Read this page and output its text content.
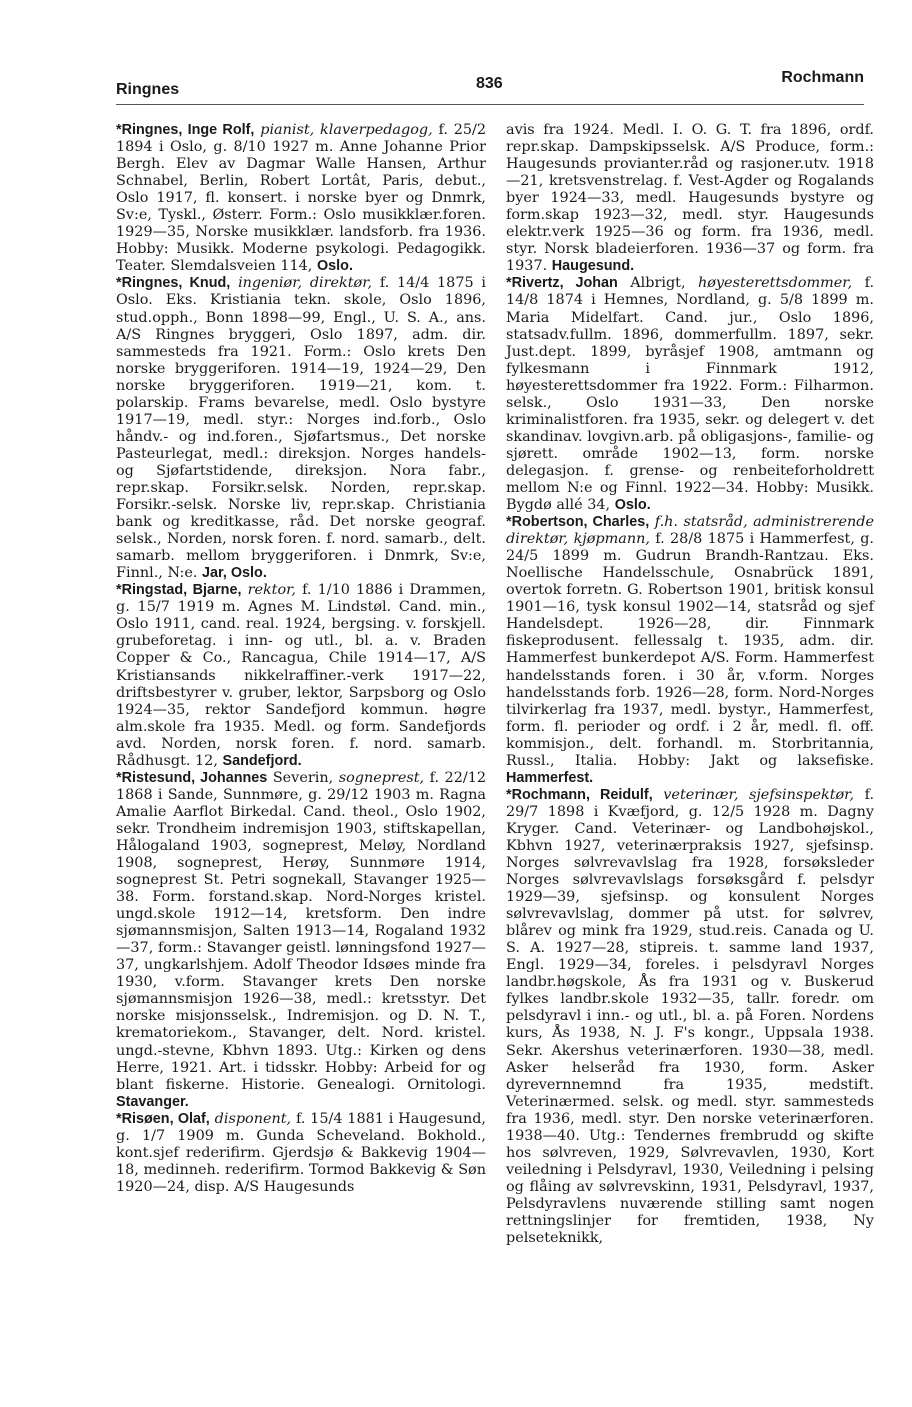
Ringnes	836	Rochmann

*Ringnes, Inge Rolf, pianist, klaverpedagog, f. 25/2 1894 i Oslo, g. 8/10 1927 m. Anne Johanne Prior Bergh. Elev av Dagmar Walle Hansen, Arthur Schnabel, Berlin, Robert Lortât, Paris, debut., Oslo 1917, fl. konsert. i norske byer og Dnmrk, Sv:e, Tyskl., Østerr. Form.: Oslo musikklær.foren. 1929—35, Norske musikklær. landsforb. fra 1936. Hobby: Musikk. Moderne psykologi. Pedagogikk. Teater. Slemdalsveien 114, Oslo.

*Ringnes, Knud, ingeniør, direktør, f. 14/4 1875 i Oslo. Eks. Kristiania tekn. skole, Oslo 1896, stud.opph., Bonn 1898—99, Engl., U. S. A., ans. A/S Ringnes bryggeri, Oslo 1897, adm. dir. sammesteds fra 1921. Form.: Oslo krets Den norske bryggeriforen. 1914—19, 1924—29, Den norske bryggeriforen. 1919—21, kom. t. polarskip. Frams bevarelse, medl. Oslo bystyre 1917—19, medl. styr.: Norges ind.forb., Oslo håndv.- og ind.foren., Sjøfartsmus., Det norske Pasteurlegat, medl.: direksjon. Norges handels- og Sjøfartstidende, direksjon. Nora fabr., repr.skap. Forsikr.selsk. Norden, repr.skap. Forsikr.-selsk. Norske liv, repr.skap. Christiania bank og kreditkasse, råd. Det norske geograf. selsk., Norden, norsk foren. f. nord. samarb., delt. samarb. mellom bryggeriforen. i Dnmrk, Sv:e, Finnl., N:e. Jar, Oslo.

*Ringstad, Bjarne, rektor, f. 1/10 1886 i Drammen, g. 15/7 1919 m. Agnes M. Lindstøl. Cand. min., Oslo 1911, cand. real. 1924, bergsing. v. forskjell. grubeforetag. i inn- og utl., bl. a. v. Braden Copper & Co., Rancagua, Chile 1914—17, A/S Kristiansands nikkelraffiner.-verk 1917—22, driftsbestyrer v. gruber, lektor, Sarpsborg og Oslo 1924—35, rektor Sandefjord kommun. høgre alm.skole fra 1935. Medl. og form. Sandefjords avd. Norden, norsk foren. f. nord. samarb. Rådhusgt. 12, Sandefjord.

*Ristesund, Johannes Severin, sogneprest, f. 22/12 1868 i Sande, Sunnmøre, g. 29/12 1903 m. Ragna Amalie Aarflot Birkedal. Cand. theol., Oslo 1902, sekr. Trondheim indremisjon 1903, stiftskapellan, Hålogaland 1903, sogneprest, Meløy, Nordland 1908, sogneprest, Herøy, Sunnmøre 1914, sogneprest St. Petri sognekall, Stavanger 1925—38. Form. forstand.skap. Nord-Norges kristel. ungd.skole 1912—14, kretsform. Den indre sjømannsmisjon, Salten 1913—14, Rogaland 1932—37, form.: Stavanger geistl. lønningsfond 1927—37, ungkarlshjem. Adolf Theodor Idsøes minde fra 1930, v.form. Stavanger krets Den norske sjømannsmisjon 1926—38, medl.: kretsstyr. Det norske misjonsselsk., Indremisjon. og D. N. T., krematoriekom., Stavanger, delt. Nord. kristel. ungd.-stevne, Kbhvn 1893. Utg.: Kirken og dens Herre, 1921. Art. i tidsskr. Hobby: Arbeid for og blant fiskerne. Historie. Genealogi. Ornitologi. Stavanger.

*Risøen, Olaf, disponent, f. 15/4 1881 i Haugesund, g. 1/7 1909 m. Gunda Scheveland. Bokhold., kont.sjef rederifirm. Gjerdsjø & Bakkevig 1904—18, medinneh. rederifirm. Tormod Bakkevig & Søn 1920—24, disp. A/S Haugesunds

avis fra 1924. Medl. I. O. G. T. fra 1896, ordf. repr.skap. Dampskipsselsk. A/S Produce, form.: Haugesunds proviantеr.råd og rasjoner.utv. 1918—21, kretsvenstrelag. f. Vest-Agder og Rogalands byer 1924—33, medl. Haugesunds bystyre og form.skap 1923—32, medl. styr. Haugesunds elektr.verk 1925—36 og form. fra 1936, medl. styr. Norsk bladeierforen. 1936—37 og form. fra 1937. Haugesund.

*Rivertz, Johan Albrigt, høyesterettsdommer, f. 14/8 1874 i Hemnes, Nordland, g. 5/8 1899 m. Maria Midelfart. Cand. jur., Oslo 1896, statsadv.fullm. 1896, dommerfullm. 1897, sekr. Just.dept. 1899, byråsjef 1908, amtmann og fylkesmann i Finnmark 1912, høyesterettsdommer fra 1922. Form.: Filharmon. selsk., Oslo 1931—33, Den norske kriminalistforen. fra 1935, sekr. og delegert v. det skandinav. lovgivn.arb. på obligasjons-, familie- og sjørett. område 1902—13, form. norske delegasjon. f. grense- og renbeiteforholdrett mellom N:e og Finnl. 1922—34. Hobby: Musikk. Bygdø allé 34, Oslo.

*Robertson, Charles, f.h. statsråd, administrerende direktør, kjøpmann, f. 28/8 1875 i Hammerfest, g. 24/5 1899 m. Gudrun Brandh-Rantzau. Eks. Noellische Handelsschule, Osnabrück 1891, overtok forretn. G. Robertson 1901, britisk konsul 1901—16, tysk konsul 1902—14, statsråd og sjef Handelsdept. 1926—28, dir. Finnmark fiskeprodusent. fellessalg t. 1935, adm. dir. Hammerfest bunkerdepot A/S. Form. Hammerfest handelsstands foren. i 30 år, v.form. Norges handelsstands forb. 1926—28, form. Nord-Norges tilvirkerlag fra 1937, medl. bystyr., Hammerfest, form. fl. perioder og ordf. i 2 år, medl. fl. off. kommisjon., delt. forhandl. m. Storbritannia, Russl., Italia. Hobby: Jakt og laksefiske. Hammerfest.

*Rochmann, Reidulf, veterinær, sjefsinspektør, f. 29/7 1898 i Kvæfjord, g. 12/5 1928 m. Dagny Kryger. Cand. Veterinær- og Landbohøjskol., Kbhvn 1927, veterinærpraksis 1927, sjefsinsp. Norges sølvrevavlslag fra 1928, forsøksleder Norges sølvrevavlslags forsøksgård f. pelsdyr 1929—39, sjefsinsp. og konsulent Norges sølvrevavlslag, dommer på utst. for sølvrev, blårev og mink fra 1929, stud.reis. Canada og U. S. A. 1927—28, stipreis. t. samme land 1937, Engl. 1929—34, foreles. i pelsdyravl Norges landbr.høgskole, Ås fra 1931 og v. Buskerud fylkes landbr.skole 1932—35, tallr. foredr. om pelsdyravl i inn.- og utl., bl. a. på Foren. Nordens kurs, Ås 1938, N. J. F's kongr., Uppsala 1938. Sekr. Akershus veterinærforen. 1930—38, medl. Asker helseråd fra 1930, form. Asker dyrevernnemnd fra 1935, medstift. Veterinærmed. selsk. og medl. styr. sammesteds fra 1936, medl. styr. Den norske veterinærforen. 1938—40. Utg.: Tendernes frembrudd og skifte hos sølvreven, 1929, Sølvrevavlen, 1930, Kort veiledning i Pelsdyravl, 1930, Veiledning i pelsing og flåing av sølvrevskinn, 1931, Pelsdyravl, 1937, Pelsdyravlens nuværende stilling samt nogen rettningslinjer for fremtiden, 1938, Ny pelseteknikk,
